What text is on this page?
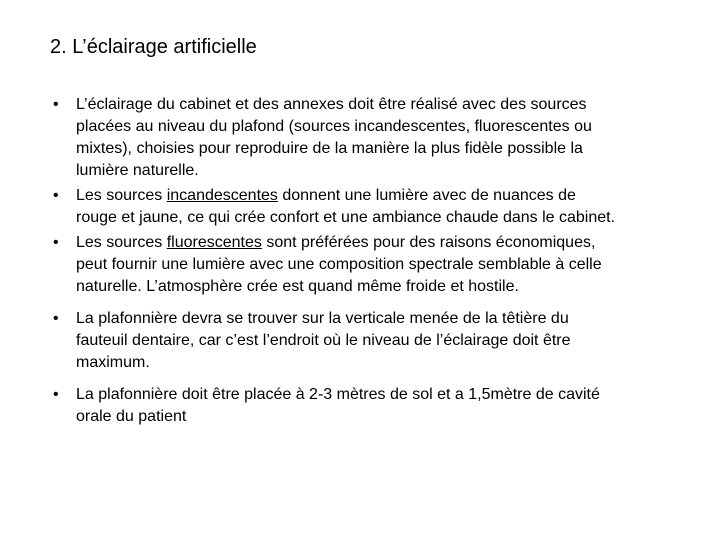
2. L’éclairage artificielle
• L’éclairage du cabinet et des annexes doit être réalisé avec des sources
placées au niveau du plafond (sources incandescentes, fluorescentes ou
mixtes), choisies pour reproduire de la manière la plus fidèle possible la
lumière naturelle.
• Les sources incandescentes donnent une lumière avec de nuances de
rouge et jaune, ce qui crée confort et une ambiance chaude dans le cabinet.
• Les sources fluorescentes sont préférées pour des raisons économiques,
peut fournir une lumière avec une composition spectrale semblable à celle
naturelle. L’atmosphère crée est quand même froide et hostile.
• La plafonnière devra se trouver sur la verticale menée de la têtière du
fauteuil dentaire, car c’est l’endroit où le niveau de l’éclairage doit être
maximum.
• La plafonnière doit être placée à 2-3 mètres de sol et a 1,5mètre de cavité
orale du patient
